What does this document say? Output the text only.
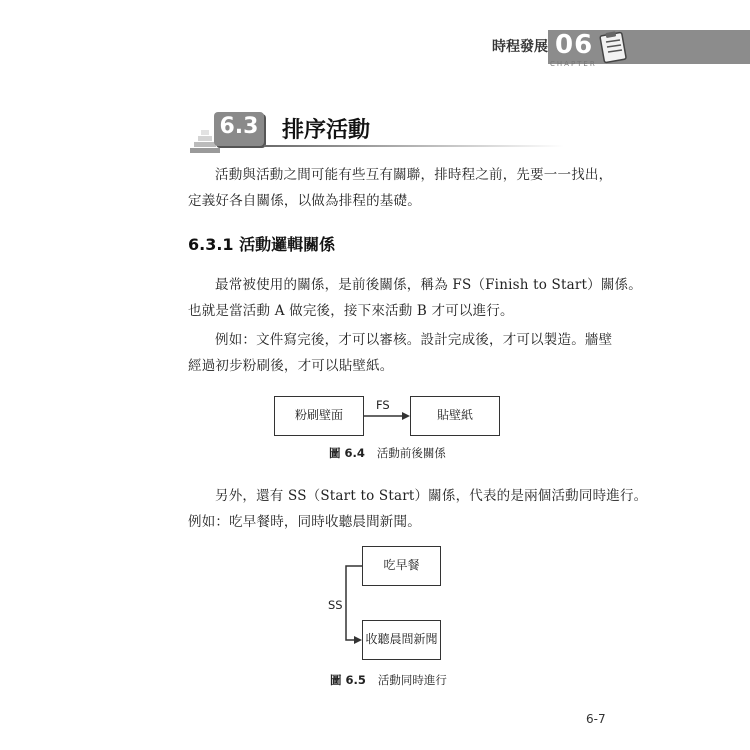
時程發展 06
CHAPTER
6.3 排序活動
活動與活動之間可能有些互有關聯，排時程之前，先要一一找出，
定義好各自關係，以做為排程的基礎。
6.3.1 活動邏輯關係
最常被使用的關係，是前後關係，稱為 FS（Finish to Start）關係。
也就是當活動 A 做完後，接下來活動 B 才可以進行。
例如：文件寫完後，才可以審核。設計完成後，才可以製造。牆壁
經過初步粉刷後，才可以貼壁紙。
粉刷壁面	貼壁紙
FS
圖 6.4 活動前後關係
另外，還有 SS（Start to Start）關係，代表的是兩個活動同時進行。
例如：吃早餐時，同時收聽晨間新聞。
吃早餐
收聽晨間新聞
SS
圖 6.5 活動同時進行
6-7
